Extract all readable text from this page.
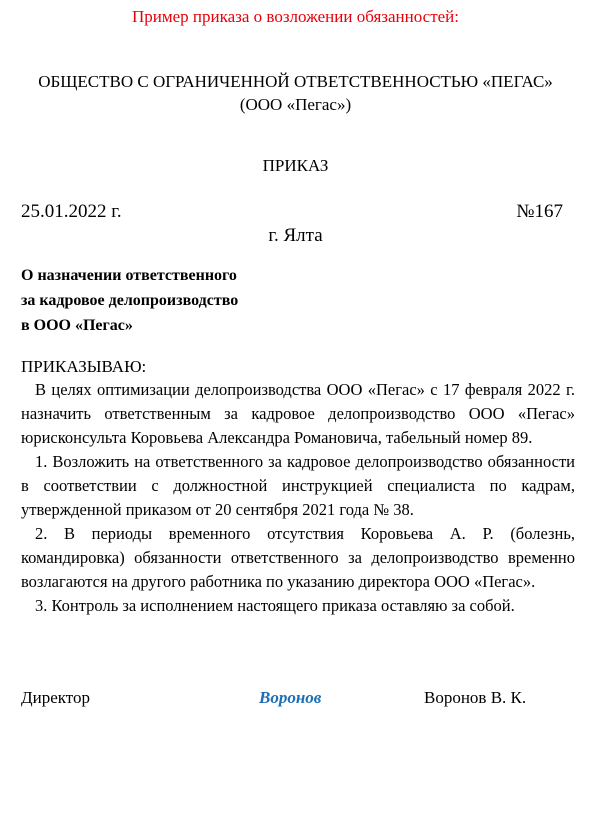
Пример приказа о возложении обязанностей:
ОБЩЕСТВО С ОГРАНИЧЕННОЙ ОТВЕТСТВЕННОСТЬЮ «ПЕГАС»
(ООО «Пегас»)
ПРИКАЗ
25.01.2022 г.	№167
г. Ялта
О назначении ответственного
за кадровое делопроизводство
в ООО «Пегас»
ПРИКАЗЫВАЮ:

В целях оптимизации делопроизводства ООО «Пегас» с 17 февраля 2022 г. назначить ответственным за кадровое делопроизводство ООО «Пегас» юрисконсульта Коровьева Александра Романовича, табельный номер 89.

1. Возложить на ответственного за кадровое делопроизводство обязанности в соответствии с должностной инструкцией специалиста по кадрам, утвержденной приказом от 20 сентября 2021 года № 38.

2. В периоды временного отсутствия Коровьева А. Р. (болезнь, командировка) обязанности ответственного за делопроизводство временно возлагаются на другого работника по указанию директора ООО «Пегас».

3. Контроль за исполнением настоящего приказа оставляю за собой.

Директор	Воронов	Воронов В. К.
